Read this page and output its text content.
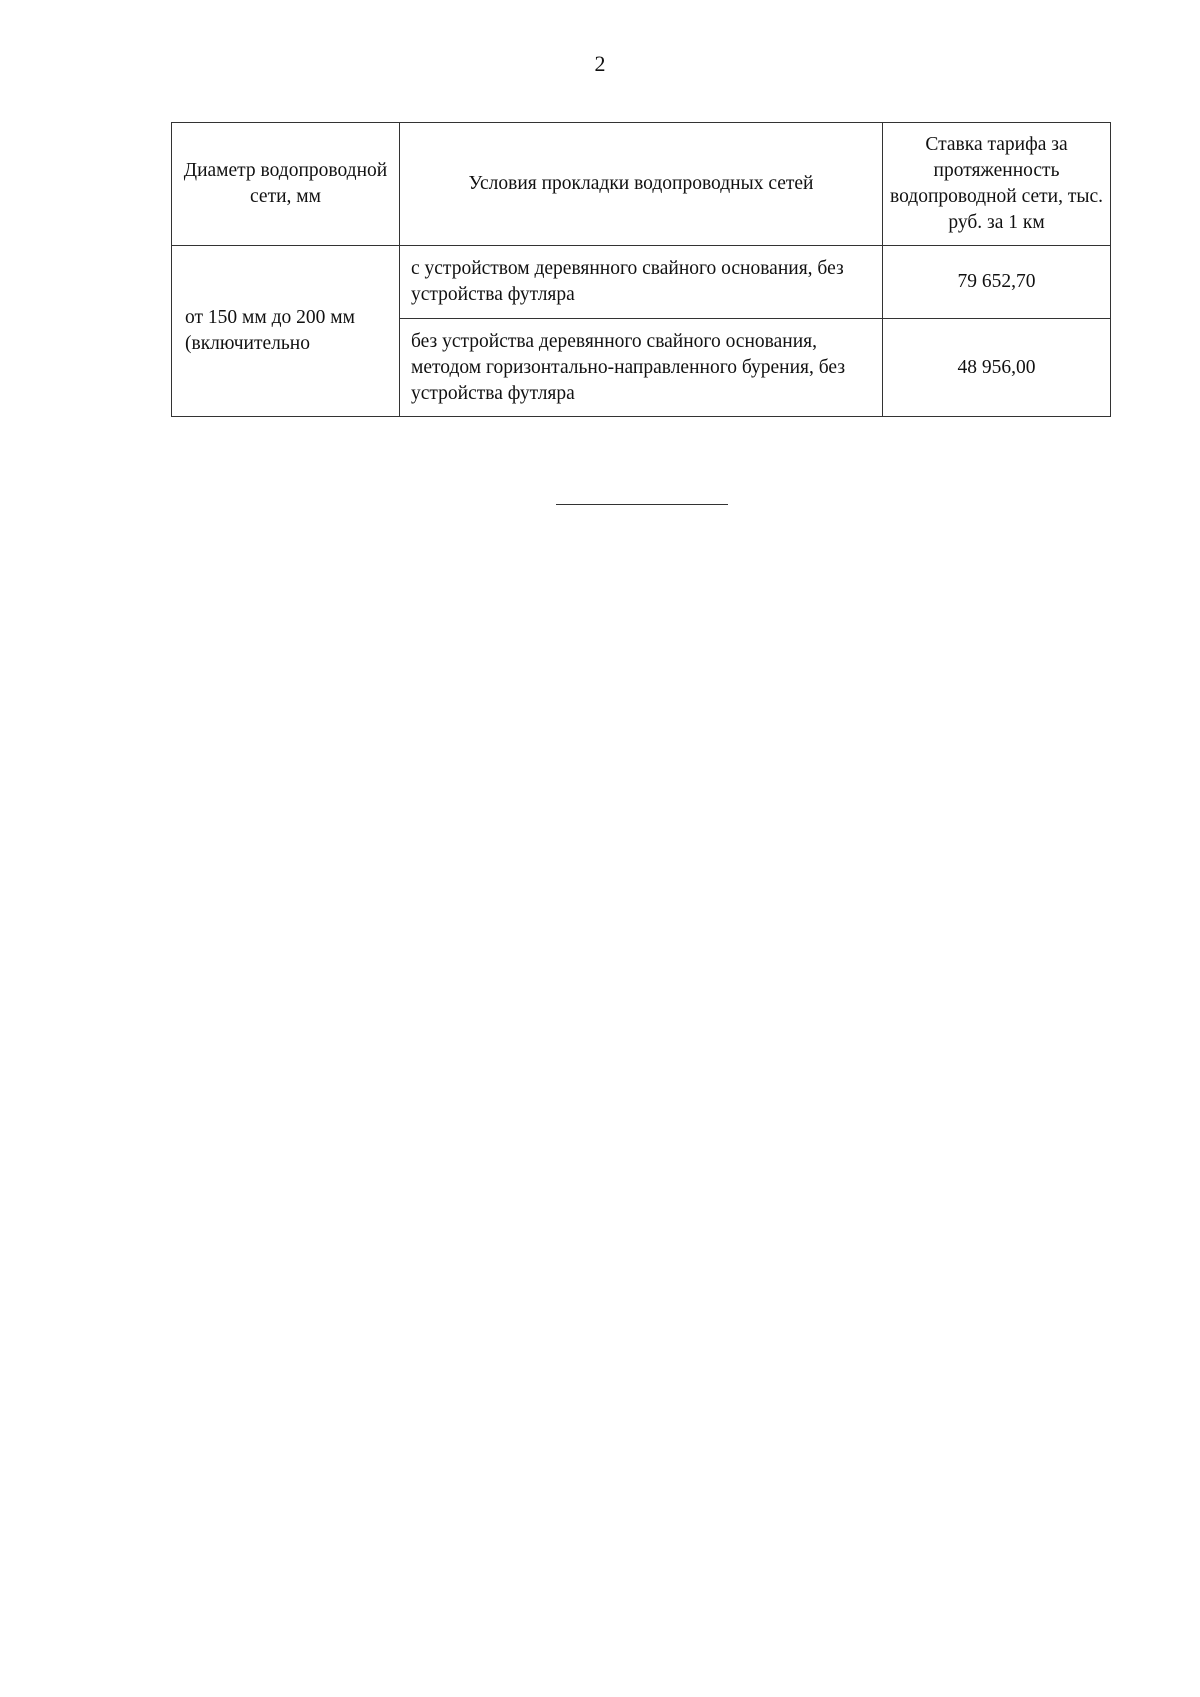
2
Диаметр водопроводной сети, мм	Условия прокладки водопроводных сетей	Ставка тарифа за протяженность водопроводной сети, тыс. руб. за 1 км
от 150 мм до 200 мм (включительно	с устройством деревянного свайного основания, без устройства футляра	79 652,70
	без устройства деревянного свайного основания, методом горизонтально-направленного бурения, без устройства футляра	48 956,00
